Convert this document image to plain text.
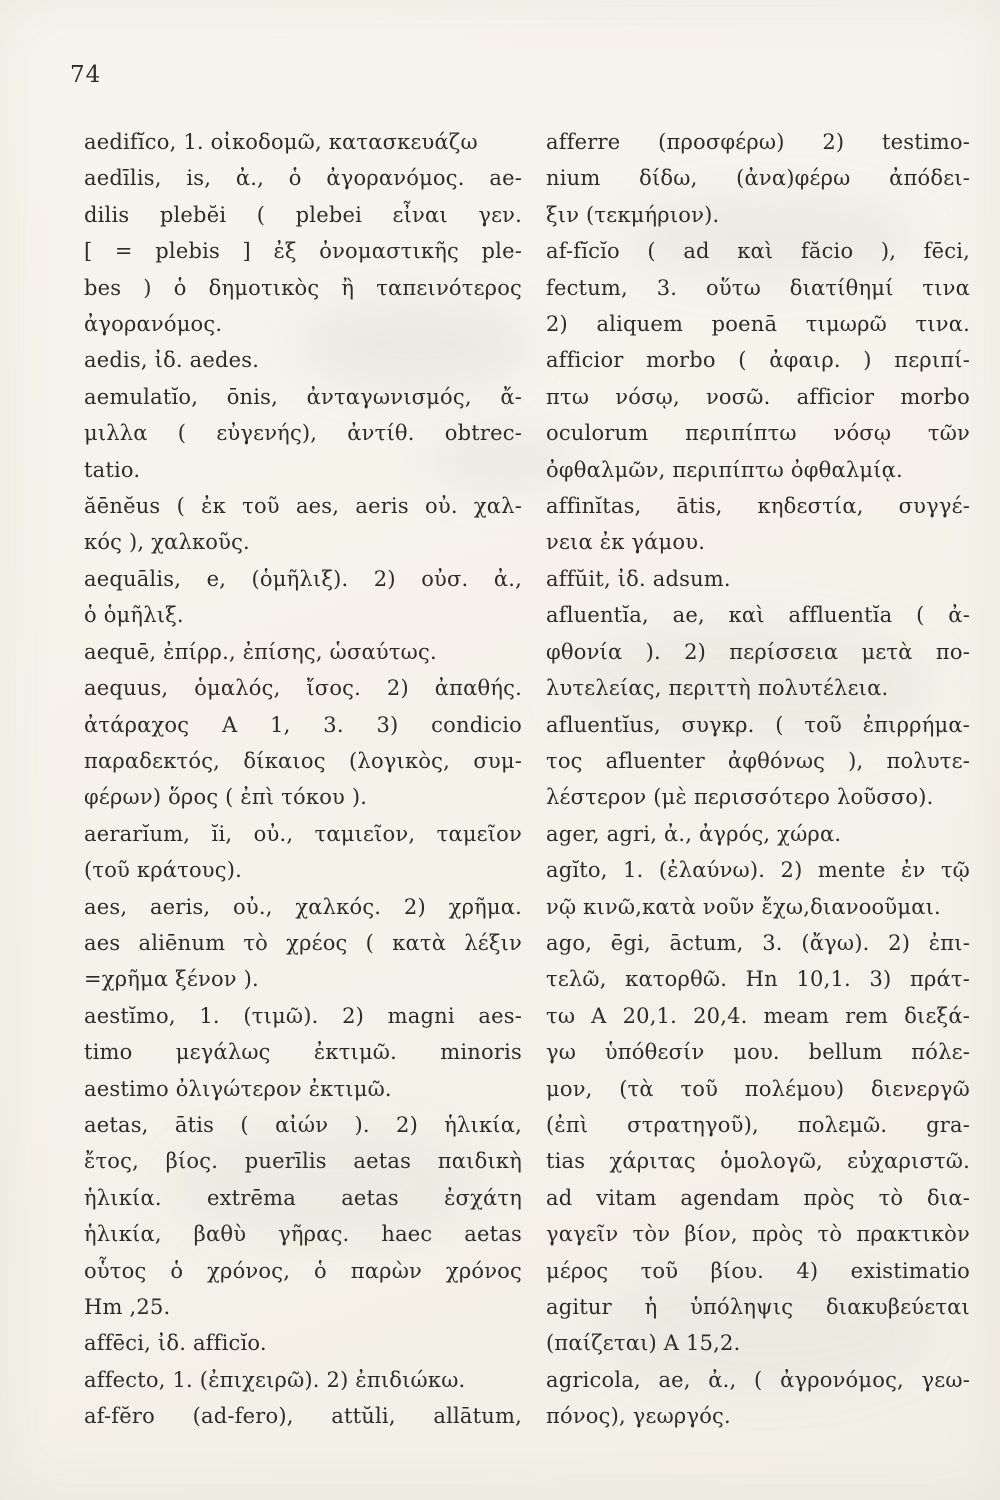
74
aedifĭco, 1. οἰκοδομῶ, κατασκευάζω
aedīlis, is, ἀ., ὁ ἀγορανόμος. ae-
dilis plebĕi ( plebei εἶναι γεν.
[ = plebis ] ἐξ ὀνομαστικῆς ple-
bes ) ὁ δημοτικὸς ἢ ταπεινότερος
ἀγορανόμος.
aedis, ἰδ. aedes.
aemulatĭo, ōnis, ἀνταγωνισμός, ἄ-
μιλλα ( εὐγενής), ἀντίθ. obtrec-
tatio.
ăēnĕus ( ἐκ τοῦ aes, aeris οὐ. χαλ-
κός ), χαλκοῦς.
aequālis, e, (ὁμῆλιξ). 2) οὐσ. ἀ.,
ὁ ὁμῆλιξ.
aequē, ἐπίρρ., ἐπίσης, ὡσαύτως.
aequus, ὁμαλός, ἴσος. 2) ἀπαθής.
ἀτάραχος A 1, 3. 3) condicio
παραδεκτός, δίκαιος (λογικὸς, συμ-
φέρων) ὅρος ( ἐπὶ τόκου ).
aerarĭum, ĭi, οὐ., ταμιεῖον, ταμεῖον
(τοῦ κράτους).
aes, aeris, οὐ., χαλκός. 2) χρῆμα.
aes aliēnum τὸ χρέος ( κατὰ λέξιν
=χρῆμα ξένον ).
aestĭmo, 1. (τιμῶ). 2) magni aes-
timo μεγάλως ἐκτιμῶ. minoris
aestimo ὀλιγώτερον ἐκτιμῶ.
aetas, ātis ( αἰών ). 2) ἡλικία,
ἔτος, βίος. puerīlis aetas παιδικὴ
ἡλικία. extrēma aetas ἐσχάτη
ἡλικία, βαθὺ γῆρας. haec aetas
οὗτος ὁ χρόνος, ὁ παρὼν χρόνος
Hm ,25.
affēci, ἰδ. afficĭo.
affecto, 1. (ἐπιχειρῶ). 2) ἐπιδιώκω.
af-fĕro (ad-fero), attŭli, allātum,
afferre (προσφέρω) 2) testimo-
nium δίδω, (ἀνα)φέρω ἀπόδει-
ξιν (τεκμήριον).
af-fĭcĭo ( ad καὶ făcio ), fēci,
fectum, 3. οὕτω διατίθημί τινα
2) aliquem poenā τιμωρῶ τινα.
afficior morbo ( ἀφαιρ. ) περιπί-
πτω νόσῳ, νοσῶ. afficior morbo
oculorum περιπίπτω νόσῳ τῶν
ὀφθαλμῶν, περιπίπτω ὀφθαλμίᾳ.
affinĭtas, ātis, κηδεστία, συγγέ-
νεια ἐκ γάμου.
affŭit, ἰδ. adsum.
afluentĭa, ae, καὶ affluentĭa ( ἀ-
φθονία ). 2) περίσσεια μετὰ πο-
λυτελείας, περιττὴ πολυτέλεια.
afluentĭus, συγκρ. ( τοῦ ἐπιρρήμα-
τος afluenter ἀφθόνως ), πολυτε-
λέστερον (μὲ περισσότερο λοῦσσο).
ager, agri, ἀ., ἀγρός, χώρα.
agĭto, 1. (ἐλαύνω). 2) mente ἐν τῷ
νῷ κινῶ,κατὰ νοῦν ἔχω,διανοοῦμαι.
ago, ēgi, āctum, 3. (ἄγω). 2) ἐπι-
τελῶ, κατορθῶ. Hn 10,1. 3) πράτ-
τω A 20,1. 20,4. meam rem διεξά-
γω ὑπόθεσίν μου. bellum πόλε-
μον, (τὰ τοῦ πολέμου) διενεργῶ
(ἐπὶ στρατηγοῦ), πολεμῶ. gra-
tias χάριτας ὁμολογῶ, εὐχαριστῶ.
ad vitam agendam πρὸς τὸ δια-
γαγεῖν τὸν βίον, πρὸς τὸ πρακτικὸν
μέρος τοῦ βίου. 4) existimatio
agitur ἡ ὑπόληψις διακυβεύεται
(παίζεται) A 15,2.
agricola, ae, ἀ., ( ἀγρονόμος, γεω-
πόνος), γεωργός.
